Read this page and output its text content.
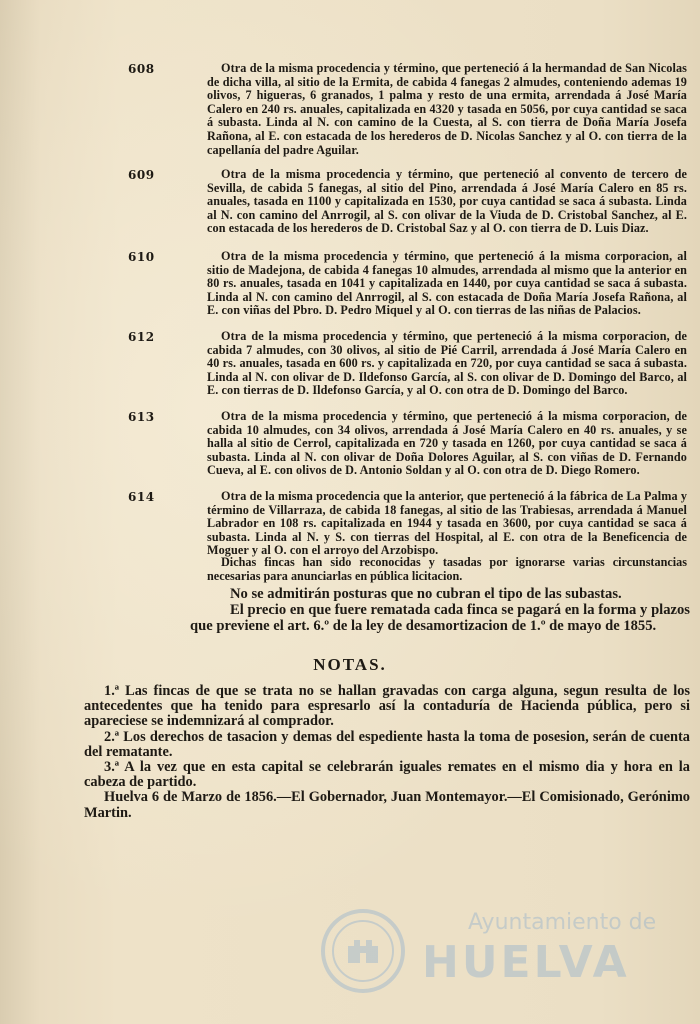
608	Otra de la misma procedencia y término, que perteneció á la hermandad de San Nicolas de dicha villa, al sitio de la Ermita, de cabida 4 fanegas 2 almudes, conteniendo ademas 19 olivos, 7 higueras, 6 granados, 1 palma y resto de una ermita, arrendada á José María Calero en 240 rs. anuales, capitalizada en 4320 y tasada en 5056, por cuya cantidad se saca á subasta. Linda al N. con camino de la Cuesta, al S. con tierra de Doña María Josefa Rañona, al E. con estacada de los herederos de D. Nicolas Sanchez y al O. con tierra de la capellanía del padre Aguilar.
609	Otra de la misma procedencia y término, que perteneció al convento de tercero de Sevilla, de cabida 5 fanegas, al sitio del Pino, arrendada á José María Calero en 85 rs. anuales, tasada en 1100 y capitalizada en 1530, por cuya cantidad se saca á subasta. Linda al N. con camino del Anrrogil, al S. con olivar de la Viuda de D. Cristobal Sanchez, al E. con estacada de los herederos de D. Cristobal Saz y al O. con tierra de D. Luis Diaz.
610	Otra de la misma procedencia y término, que perteneció á la misma corporacion, al sitio de Madejona, de cabida 4 fanegas 10 almudes, arrendada al mismo que la anterior en 80 rs. anuales, tasada en 1041 y capitalizada en 1440, por cuya cantidad se saca á subasta. Linda al N. con camino del Anrrogil, al S. con estacada de Doña María Josefa Rañona, al E. con viñas del Pbro. D. Pedro Miquel y al O. con tierras de las niñas de Palacios.
612	Otra de la misma procedencia y término, que perteneció á la misma corporacion, de cabida 7 almudes, con 30 olivos, al sitio de Pié Carril, arrendada á José María Calero en 40 rs. anuales, tasada en 600 rs. y capitalizada en 720, por cuya cantidad se saca á subasta. Linda al N. con olivar de D. Ildefonso García, al S. con olivar de D. Domingo del Barco, al E. con tierras de D. Ildefonso García, y al O. con otra de D. Domingo del Barco.
613	Otra de la misma procedencia y término, que perteneció á la misma corporacion, de cabida 10 almudes, con 34 olivos, arrendada á José María Calero en 40 rs. anuales, y se halla al sitio de Cerrol, capitalizada en 720 y tasada en 1260, por cuya cantidad se saca á subasta. Linda al N. con olivar de Doña Dolores Aguilar, al S. con viñas de D. Fernando Cueva, al E. con olivos de D. Antonio Soldan y al O. con otra de D. Diego Romero.
614	Otra de la misma procedencia que la anterior, que perteneció á la fábrica de La Palma y término de Villarraza, de cabida 18 fanegas, al sitio de las Trabiesas, arrendada á Manuel Labrador en 108 rs. capitalizada en 1944 y tasada en 3600, por cuya cantidad se saca á subasta. Linda al N. y S. con tierras del Hospital, al E. con otra de la Beneficencia de Moguer y al O. con el arroyo del Arzobispo.

Dichas fincas han sido reconocidas y tasadas por ignorarse varias circunstancias necesarias para anunciarlas en pública licitacion.

No se admitirán posturas que no cubran el tipo de las subastas.

El precio en que fuere rematada cada finca se pagará en la forma y plazos que previene el art. 6.º de la ley de desamortizacion de 1.º de mayo de 1855.

NOTAS.

1.ª Las fincas de que se trata no se hallan gravadas con carga alguna, segun resulta de los antecedentes que ha tenido para espresarlo así la contaduría de Hacienda pública, pero si apareciese se indemnizará al comprador.

2.ª Los derechos de tasacion y demas del espediente hasta la toma de posesion, serán de cuenta del rematante.

3.ª A la vez que en esta capital se celebrarán iguales remates en el mismo dia y hora en la cabeza de partido.

Huelva 6 de Marzo de 1856.—El Gobernador, Juan Montemayor.—El Comisionado, Gerónimo Martin.

Ayuntamiento de
HUELVA
